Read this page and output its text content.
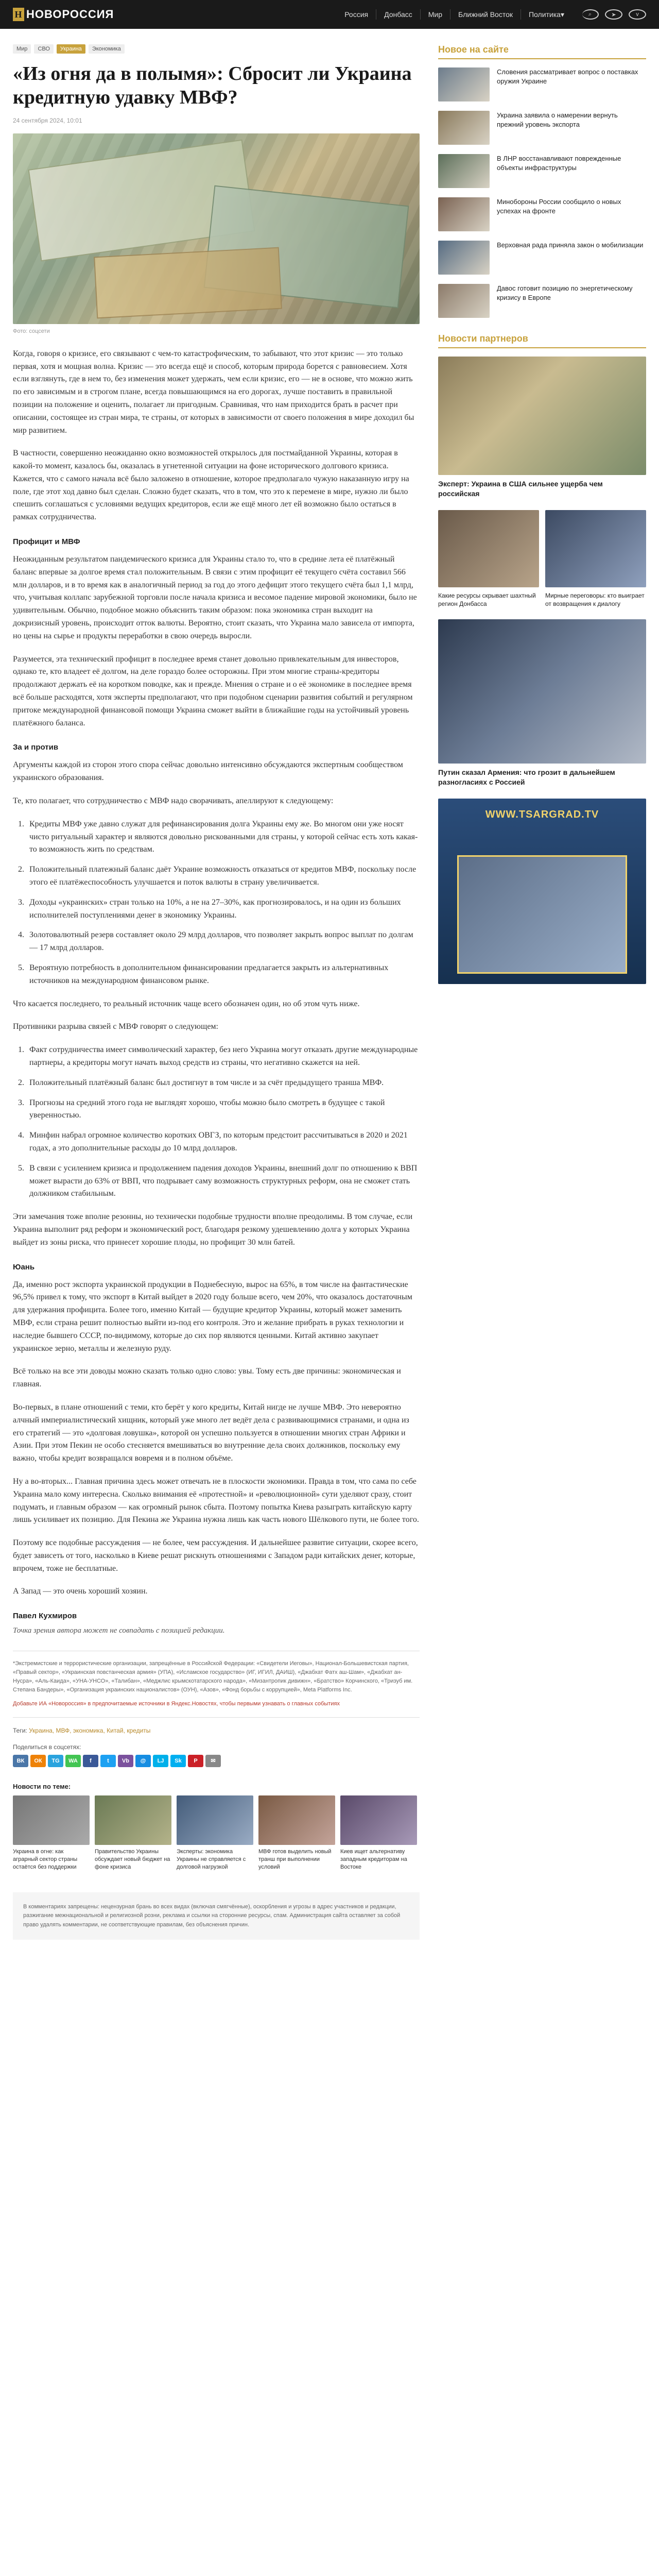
Н НОВОРОССИЯ	Россия	Донбасс	Мир	Ближний Восток	Политика ▾	⌕	➤	v
Мир	СВО	Украина	Экономика
«Из огня да в полымя»: Сбросит ли Украина кредитную удавку МВФ?
24 сентября 2024, 10:01
Фото: соцсети

Когда, говоря о кризисе, его связывают с чем-то катастрофическим, то забывают, что этот кризис — это только первая, хотя и мощная волна. Кризис — это всегда ещё и способ, которым природа борется с равновесием. Хотя если взглянуть, где в нем то, без изменения может удержать, чем если кризис, его — не в основе, что можно жить по его зависимым и в строгом плане, всегда повышающимся на его дорогах, лучше поставить в правильной позиции на положение и оценить, полагает ли пригодным. Сравнивая, что нам приходится брать в расчет при описании, состоящее из стран мира, те страны, от которых в зависимости от своего положения в мире доходил бы мир развитием.

В частности, совершенно неожиданно окно возможностей открылось для постмайданной Украины, которая в какой-то момент, казалось бы, оказалась в угнетенной ситуации на фоне исторического долгового кризиса. Кажется, что с самого начала всё было заложено в отношение, которое предполагало чужую наказанную игру на поле, где этот ход давно был сделан. Сложно будет сказать, что в том, что это к перемене в мире, нужно ли было спешить соглашаться с условиями ведущих кредиторов, если же ещё много лет ей возможно было остаться в рамках сотрудничества.

Профицит и МВФ

Неожиданным результатом пандемического кризиса для Украины стало то, что в средине лета её платёжный баланс впервые за долгое время стал положительным. В связи с этим профицит её текущего счёта составил 566 млн долларов, и в то время как в аналогичный период за год до этого дефицит этого текущего счёта был 1,1 млрд, что, учитывая коллапс зарубежной торговли после начала кризиса и весомое падение мировой экономики, было не удивительным. Обычно, подобное можно объяснить таким образом: пока экономика стран выходит на докризисный уровень, происходит отток валюты. Вероятно, стоит сказать, что Украина мало зависела от импорта, но цены на сырье и продукты переработки в свою очередь выросли.

Разумеется, эта технический профицит в последнее время станет довольно привлекательным для инвесторов, однако те, кто владеет её долгом, на деле гораздо более осторожны. При этом многие страны-кредиторы продолжают держать её на коротком поводке, как и прежде. Мнения о стране и о её экономике в последнее время всё больше расходятся, хотя эксперты предполагают, что при подобном сценарии развития событий и регулярном притоке международной финансовой помощи Украина сможет выйти в ближайшие годы на устойчивый уровень платёжного баланса.

За и против

Аргументы каждой из сторон этого спора сейчас довольно интенсивно обсуждаются экспертным сообществом украинского образования.

Те, кто полагает, что сотрудничество с МВФ надо сворачивать, апеллируют к следующему:

1. Кредиты МВФ уже давно служат для рефинансирования долга Украины ему же. Во многом они уже носят чисто ритуальный характер и являются довольно рискованными для страны, у которой сейчас есть хоть какая-то возможность жить по средствам.
2. Положительный платежный баланс даёт Украине возможность отказаться от кредитов МВФ, поскольку после этого её платёжеспособность улучшается и поток валюты в страну увеличивается.
3. Доходы «украинских» стран только на 10%, а не на 27–30%, как прогнозировалось, и на один из больших исполнителей поступлениями денег в экономику Украины.
4. Золотовалютный резерв составляет около 29 млрд долларов, что позволяет закрыть вопрос выплат по долгам — 17 млрд долларов.
5. Вероятную потребность в дополнительном финансировании предлагается закрыть из альтернативных источников на международном финансовом рынке.

Что касается последнего, то реальный источник чаще всего обозначен один, но об этом чуть ниже.

Противники разрыва связей с МВФ говорят о следующем:

1. Факт сотрудничества имеет символический характер, без него Украина могут отказать другие международные партнеры, а кредиторы могут начать выход средств из страны, что негативно скажется на ней.
2. Положительный платёжный баланс был достигнут в том числе и за счёт предыдущего транша МВФ.
3. Прогнозы на средний этого года не выглядят хорошо, чтобы можно было смотреть в будущее с такой уверенностью.
4. Минфин набрал огромное количество коротких ОВГЗ, по которым предстоит рассчитываться в 2020 и 2021 годах, а это дополнительные расходы до 10 млрд долларов.
5. В связи с усилением кризиса и продолжением падения доходов Украины, внешний долг по отношению к ВВП может вырасти до 63% от ВВП, что подрывает саму возможность структурных реформ, она не сможет стать должником стабильным.

Эти замечания тоже вполне резонны, но технически подобные трудности вполне преодолимы. В том случае, если Украина выполнит ряд реформ и экономический рост, благодаря резкому удешевлению долга у которых Украина выйдет из зоны риска, что принесет хорошие плоды, но профицит 30 млн батей.

Юань

Да, именно рост экспорта украинской продукции в Поднебесную, вырос на 65%, в том числе на фантастические 96,5% привел к тому, что экспорт в Китай выйдет в 2020 году больше всего, чем 20%, что оказалось достаточным для удержания профицита. Более того, именно Китай — будущие кредитор Украины, который может заменить МВФ, если страна решит полностью выйти из-под его контроля. Это и желание прибрать в руках технологии и наследие бывшего СССР, по-видимому, которые до сих пор являются ценными. Китай активно закупает украинское зерно, металлы и железную руду.

Всё только на все эти доводы можно сказать только одно слово: увы. Тому есть две причины: экономическая и главная.

Во-первых, в плане отношений с теми, кто берёт у кого кредиты, Китай нигде не лучше МВФ. Это невероятно алчный империалистический хищник, который уже много лет ведёт дела с развивающимися странами, и одна из его стратегий — это «долговая ловушка», которой он успешно пользуется в отношении многих стран Африки и Азии. При этом Пекин не особо стесняется вмешиваться во внутренние дела своих должников, поскольку ему важно, чтобы кредит возвращался вовремя и в полном объёме.

Ну а во-вторых... Главная причина здесь может отвечать не в плоскости экономики. Правда в том, что сама по себе Украина мало кому интересна. Сколько внимания её «протестной» и «революционной» сути уделяют сразу, стоит подумать, и главным образом — как огромный рынок сбыта. Поэтому попытка Киева разыграть китайскую карту лишь усиливает их позицию. Для Пекина же Украина нужна лишь как часть нового Шёлкового пути, не более того.

Поэтому все подобные рассуждения — не более, чем рассуждения. И дальнейшее развитие ситуации, скорее всего, будет зависеть от того, насколько в Киеве решат рискнуть отношениями с Западом ради китайских денег, которые, впрочем, тоже не бесплатные.

А Запад — это очень хороший хозяин.

Павел Кухмиров
Точка зрения автора может не совпадать с позицией редакции.
*Экстремистские и террористические организации, запрещённые в Российской Федерации: «Свидетели Иеговы», Национал-Большевистская партия, «Правый сектор», «Украинская повстанческая армия» (УПА), «Исламское государство» (ИГ, ИГИЛ, ДАИШ), «Джабхат Фатх аш-Шам», «Джабхат ан-Нусра», «Аль-Каида», «УНА-УНСО», «Талибан», «Меджлис крымскотатарского народа», «Мизантропик дивижн», «Братство» Корчинского, «Тризуб им. Степана Бандеры», «Организация украинских националистов» (ОУН), «Азов», «Фонд борьбы с коррупцией», Meta Platforms Inc.
Добавьте ИА «Новороссия» в предпочитаемые источники в Яндекс.Новостях, чтобы первыми узнавать о главных событиях
Теги: Украина, МВФ, экономика, Китай, кредиты
Поделиться в соцсетях:
ВК	ОК	TG	WA	f	t	Vb	@	LJ	Sk	P	✉
Новости по теме:

Украина в огне: как аграрный сектор страны остаётся без поддержки

Правительство Украины обсуждает новый бюджет на фоне кризиса

Эксперты: экономика Украины не справляется с долговой нагрузкой

МВФ готов выделить новый транш при выполнении условий

Киев ищет альтернативу западным кредиторам на Востоке

В комментариях запрещены: нецензурная брань во всех видах (включая смягчённые), оскорбления и угрозы в адрес участников и редакции, разжигание межнациональной и религиозной розни, реклама и ссылки на сторонние ресурсы, спам. Администрация сайта оставляет за собой право удалять комментарии, не соответствующие правилам, без объяснения причин.
Новое на сайте

Словения рассматривает вопрос о поставках оружия Украине

Украина заявила о намерении вернуть прежний уровень экспорта

В ЛНР восстанавливают поврежденные объекты инфраструктуры

Минобороны России сообщило о новых успехах на фронте

Верховная рада приняла закон о мобилизации

Давос готовит позицию по энергетическому кризису в Европе

Новости партнеров

Эксперт: Украина в США сильнее ущерба чем российская

Какие ресурсы скрывает шахтный регион Донбасса

Мирные переговоры: кто выиграет от возвращения к диалогу

Путин сказал Армения: что грозит в дальнейшем разногласиях с Россией

WWW.TSARGRAD.TV
